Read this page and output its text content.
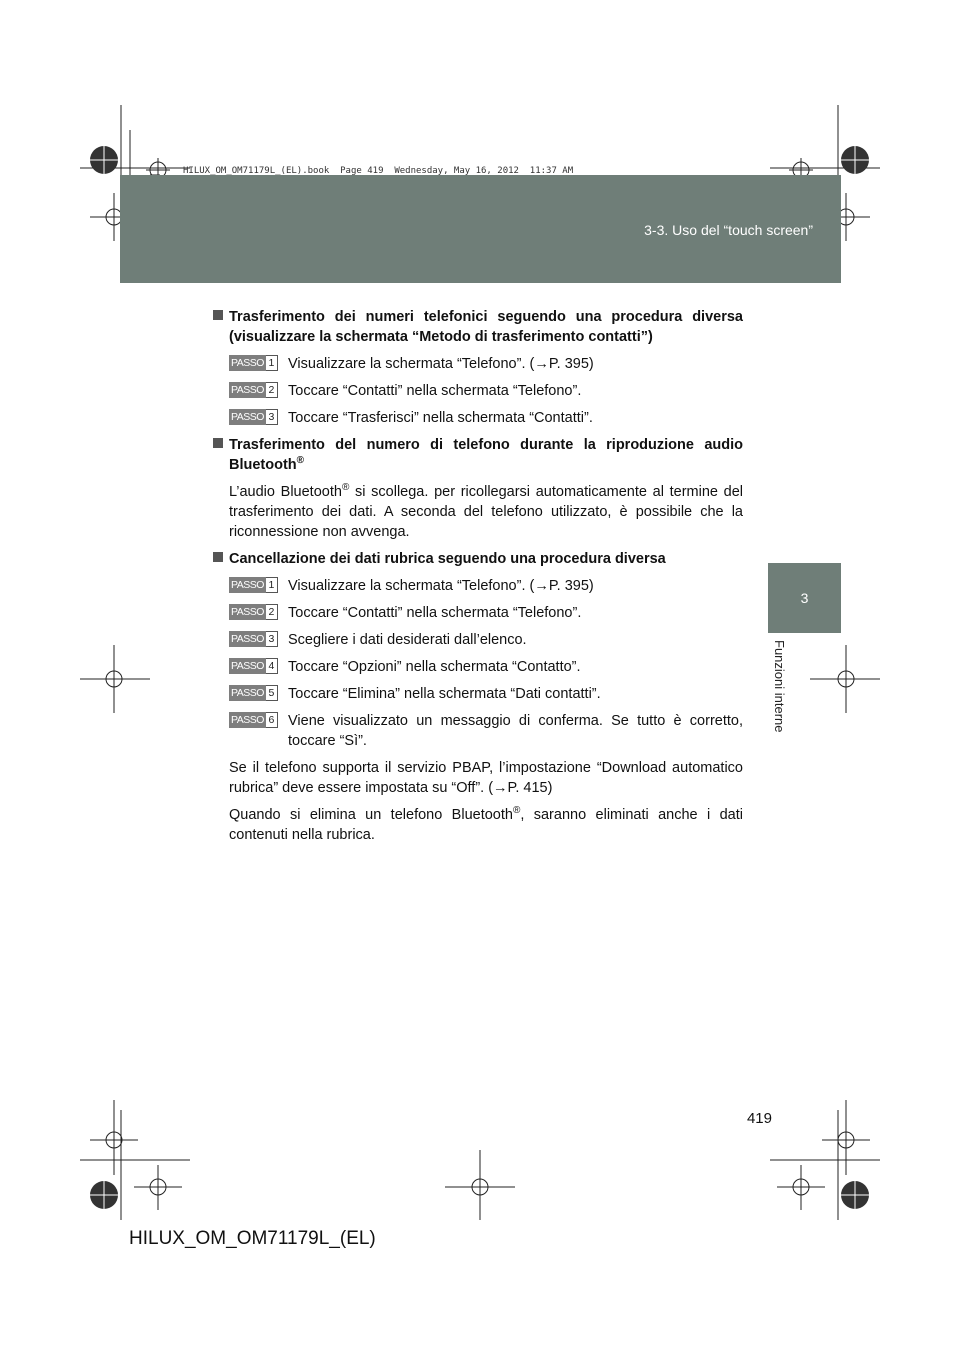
3-3. Uso del “touch screen”
HILUX_OM_OM71179L_(EL).book  Page 419  Wednesday, May 16, 2012  11:37 AM
3
Funzioni interne
Trasferimento dei numeri telefonici seguendo una procedura diversa (visualizzare la schermata “Metodo di trasferimento contatti”)
PASSO 1 Visualizzare la schermata “Telefono”. (→P. 395)
PASSO 2 Toccare “Contatti” nella schermata “Telefono”.
PASSO 3 Toccare “Trasferisci” nella schermata “Contatti”.
Trasferimento del numero di telefono durante la riproduzione audio Bluetooth®
L’audio Bluetooth® si scollega. per ricollegarsi automaticamente al termine del trasferimento dei dati. A seconda del telefono utilizzato, è possibile che la riconnessione non avvenga.
Cancellazione dei dati rubrica seguendo una procedura diversa
PASSO 1 Visualizzare la schermata “Telefono”. (→P. 395)
PASSO 2 Toccare “Contatti” nella schermata “Telefono”.
PASSO 3 Scegliere i dati desiderati dall’elenco.
PASSO 4 Toccare “Opzioni” nella schermata “Contatto”.
PASSO 5 Toccare “Elimina” nella schermata “Dati contatti”.
PASSO 6 Viene visualizzato un messaggio di conferma. Se tutto è corretto, toccare “Sì”.
Se il telefono supporta il servizio PBAP, l’impostazione “Download automatico rubrica” deve essere impostata su “Off”. (→P. 415)
Quando si elimina un telefono Bluetooth®, saranno eliminati anche i dati contenuti nella rubrica.
419
HILUX_OM_OM71179L_(EL)
